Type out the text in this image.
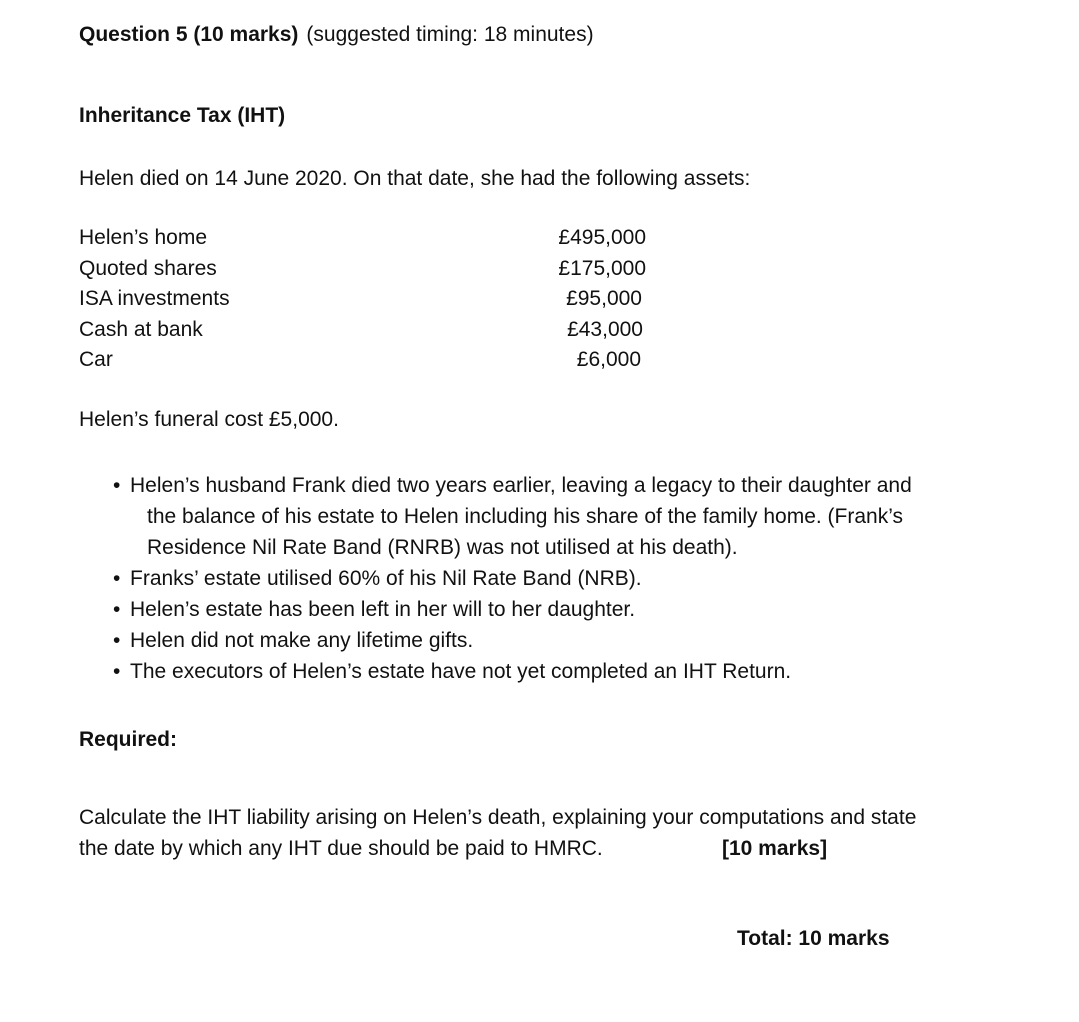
Question 5 (10 marks) (suggested timing: 18 minutes)
Inheritance Tax (IHT)
Helen died on 14 June 2020. On that date, she had the following assets:
Helen’s home	£495,000
Quoted shares	£175,000
ISA investments	£95,000
Cash at bank	£43,000
Car	£6,000
Helen’s funeral cost £5,000.
• Helen’s husband Frank died two years earlier, leaving a legacy to their daughter and
the balance of his estate to Helen including his share of the family home. (Frank’s
Residence Nil Rate Band (RNRB) was not utilised at his death).
• Franks’ estate utilised 60% of his Nil Rate Band (NRB).
• Helen’s estate has been left in her will to her daughter.
• Helen did not make any lifetime gifts.
• The executors of Helen’s estate have not yet completed an IHT Return.
Required:
Calculate the IHT liability arising on Helen’s death, explaining your computations and state
the date by which any IHT due should be paid to HMRC.	[10 marks]
Total: 10 marks
